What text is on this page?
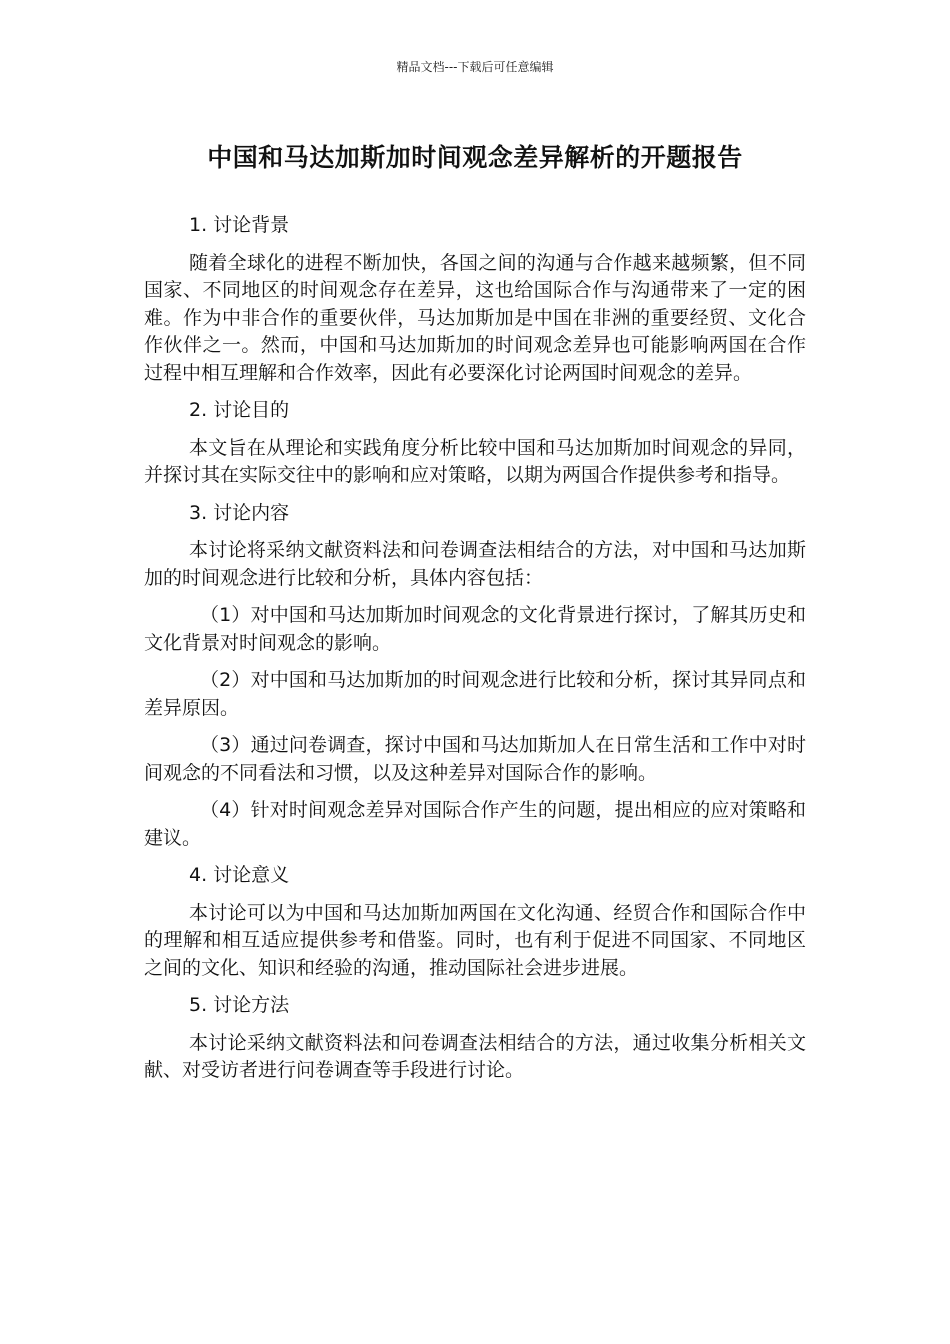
精品文档---下载后可任意编辑
中国和马达加斯加时间观念差异解析的开题报告
1. 讨论背景
随着全球化的进程不断加快，各国之间的沟通与合作越来越频繁，但不同国家、不同地区的时间观念存在差异，这也给国际合作与沟通带来了一定的困难。作为中非合作的重要伙伴，马达加斯加是中国在非洲的重要经贸、文化合作伙伴之一。然而，中国和马达加斯加的时间观念差异也可能影响两国在合作过程中相互理解和合作效率，因此有必要深化讨论两国时间观念的差异。
2. 讨论目的
本文旨在从理论和实践角度分析比较中国和马达加斯加时间观念的异同，并探讨其在实际交往中的影响和应对策略，以期为两国合作提供参考和指导。
3. 讨论内容
本讨论将采纳文献资料法和问卷调查法相结合的方法，对中国和马达加斯加的时间观念进行比较和分析，具体内容包括：
（1）对中国和马达加斯加时间观念的文化背景进行探讨，了解其历史和文化背景对时间观念的影响。
（2）对中国和马达加斯加的时间观念进行比较和分析，探讨其异同点和差异原因。
（3）通过问卷调查，探讨中国和马达加斯加人在日常生活和工作中对时间观念的不同看法和习惯，以及这种差异对国际合作的影响。
（4）针对时间观念差异对国际合作产生的问题，提出相应的应对策略和建议。
4. 讨论意义
本讨论可以为中国和马达加斯加两国在文化沟通、经贸合作和国际合作中的理解和相互适应提供参考和借鉴。同时，也有利于促进不同国家、不同地区之间的文化、知识和经验的沟通，推动国际社会进步进展。
5. 讨论方法
本讨论采纳文献资料法和问卷调查法相结合的方法，通过收集分析相关文献、对受访者进行问卷调查等手段进行讨论。
